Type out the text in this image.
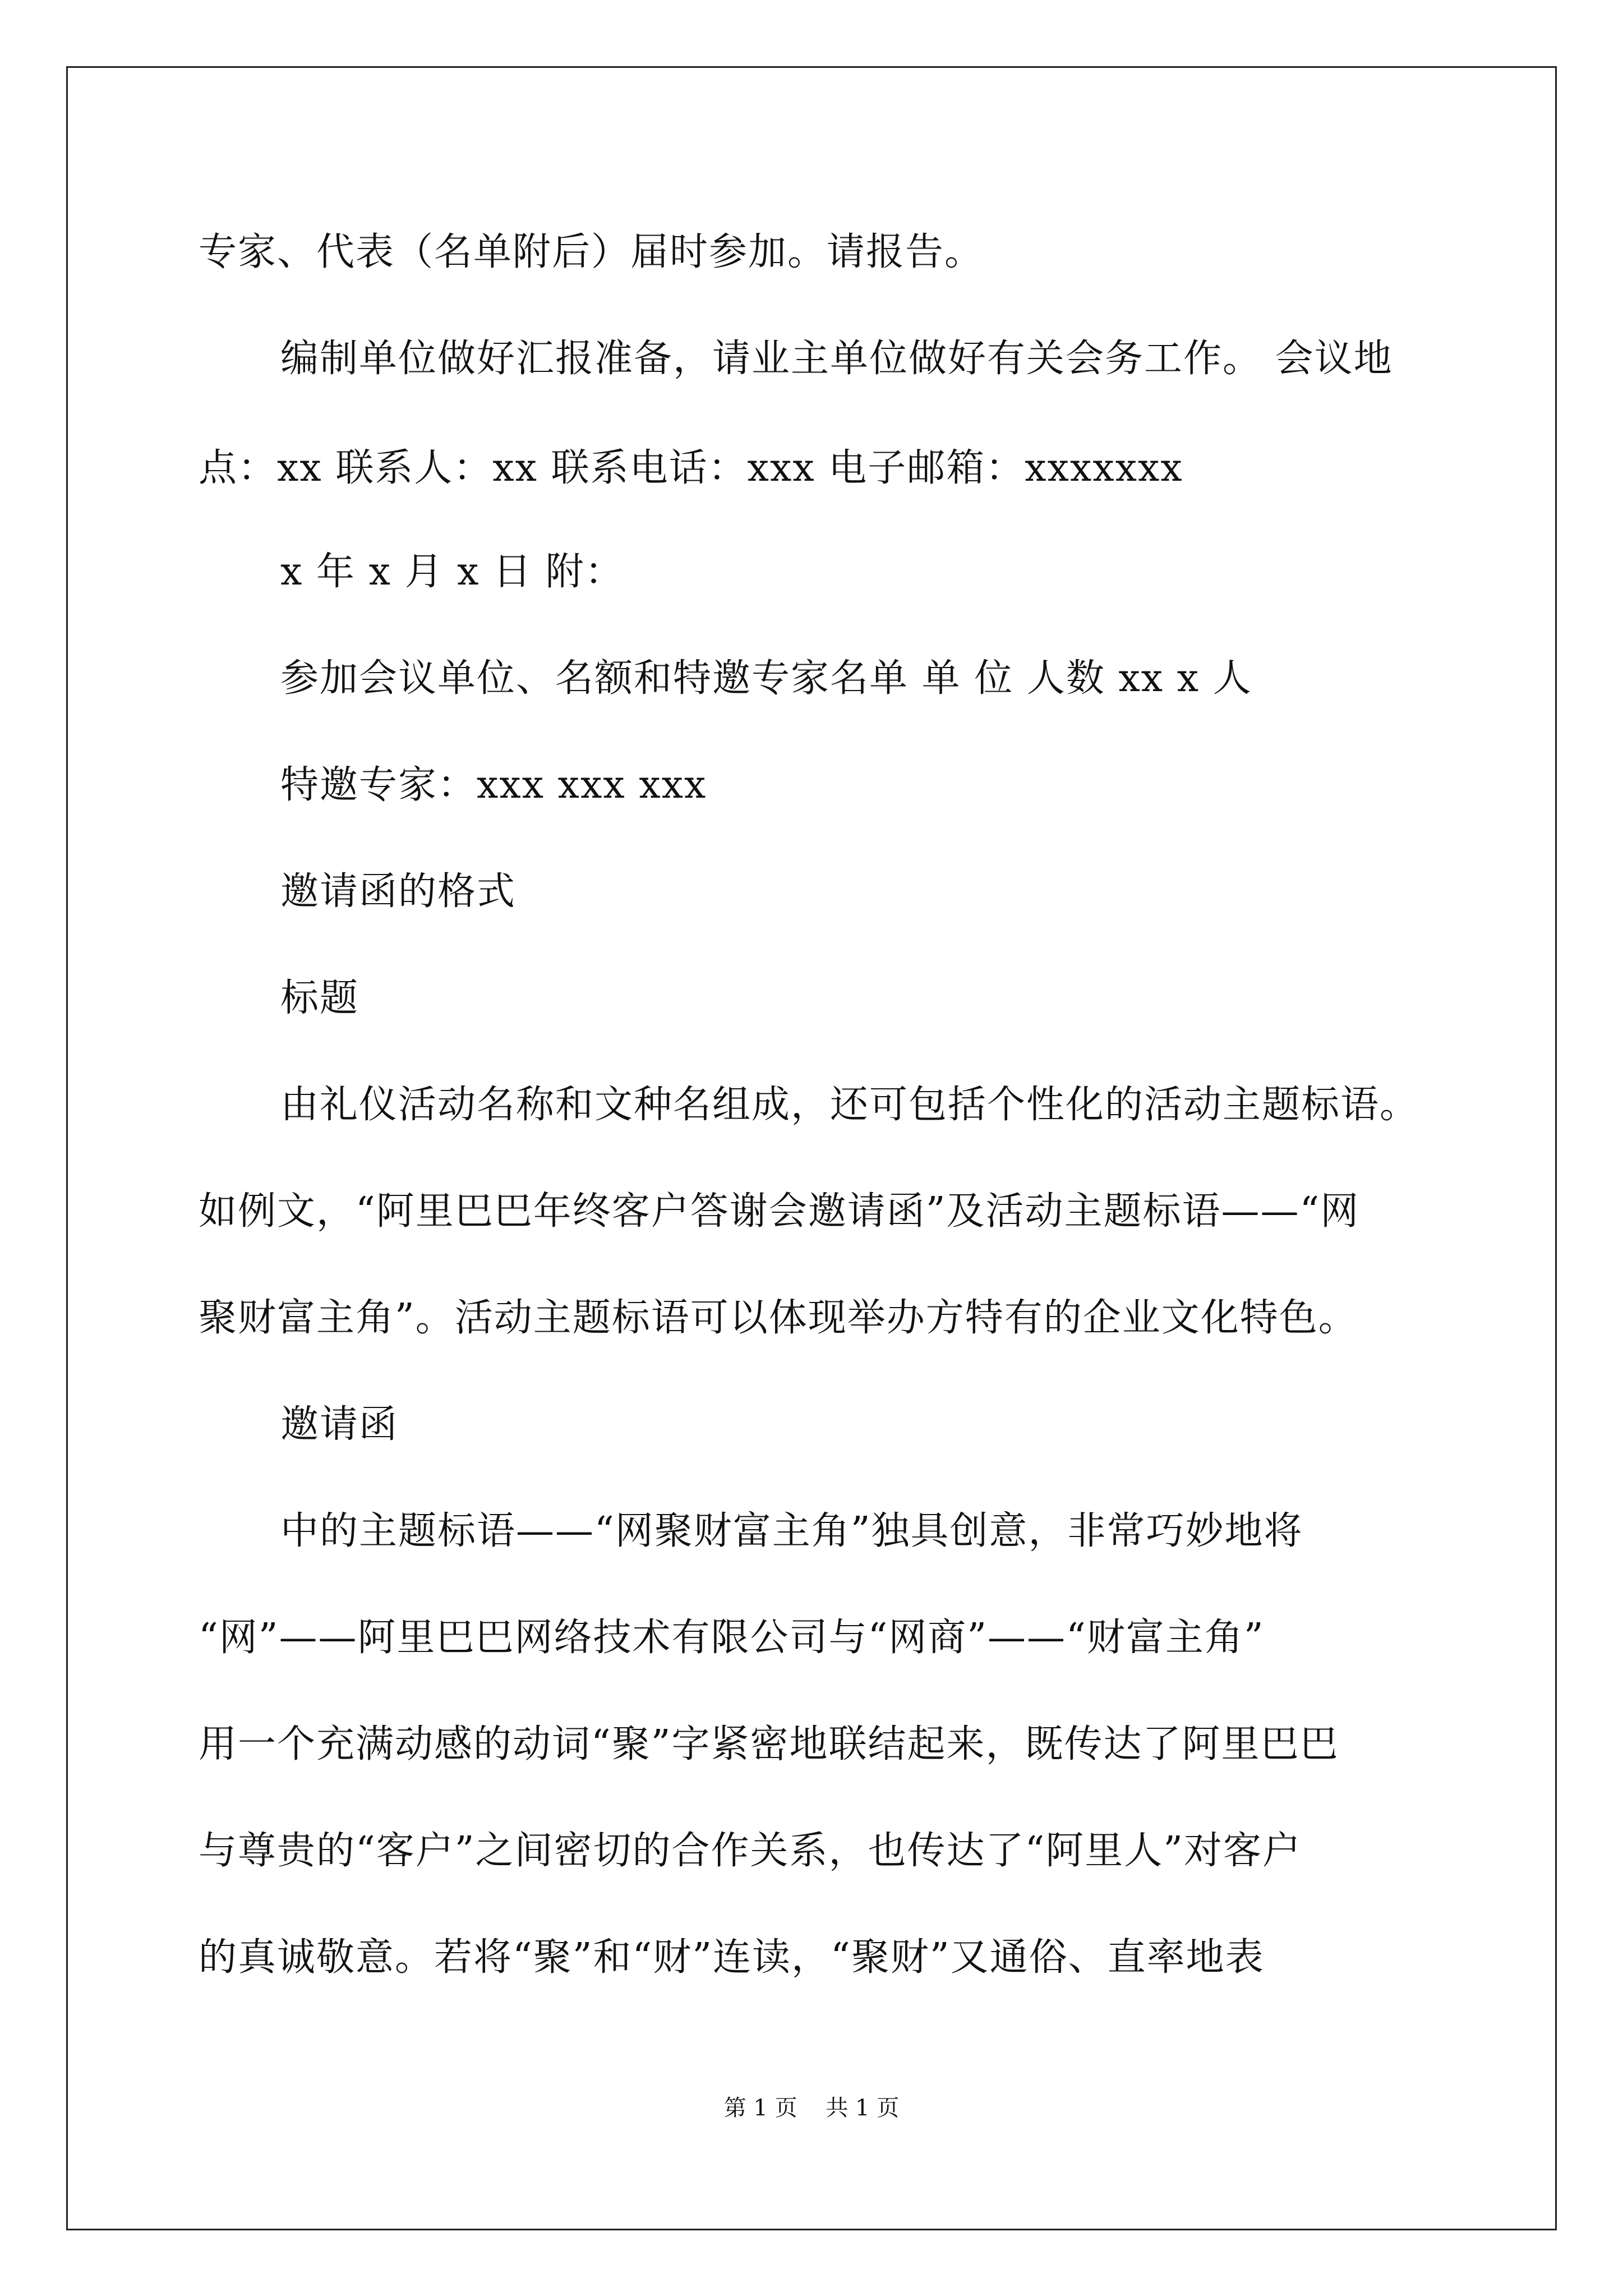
专家、代表（名单附后）届时参加。请报告。
编制单位做好汇报准备，请业主单位做好有关会务工作。 会议地
点：xx 联系人：xx 联系电话：xxx 电子邮箱：xxxxxxx
x 年 x 月 x 日 附：
参加会议单位、名额和特邀专家名单 单 位 人数 xx x 人
特邀专家：xxx xxx xxx
邀请函的格式
标题
由礼仪活动名称和文种名组成，还可包括个性化的活动主题标语。
如例文，“阿里巴巴年终客户答谢会邀请函”及活动主题标语——“网
聚财富主角”。活动主题标语可以体现举办方特有的企业文化特色。
邀请函
中的主题标语——“网聚财富主角”独具创意，非常巧妙地将
“网”——阿里巴巴网络技术有限公司与“网商”——“财富主角”
用一个充满动感的动词“聚”字紧密地联结起来，既传达了阿里巴巴
与尊贵的“客户”之间密切的合作关系，也传达了“阿里人”对客户
的真诚敬意。若将“聚”和“财”连读，“聚财”又通俗、直率地表
第 1 页    共 1 页
